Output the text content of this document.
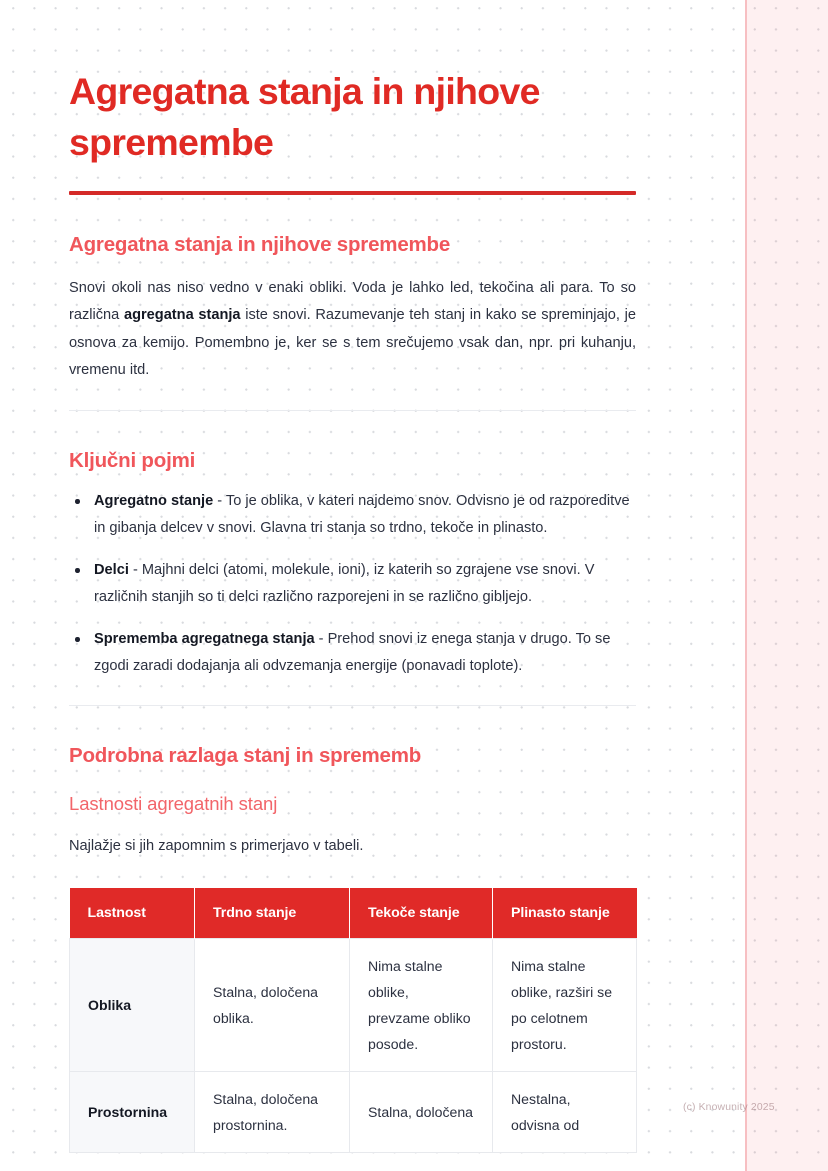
Agregatna stanja in njihove spremembe
Agregatna stanja in njihove spremembe

Snovi okoli nas niso vedno v enaki obliki. Voda je lahko led, tekočina ali para. To so različna agregatna stanja iste snovi. Razumevanje teh stanj in kako se spreminjajo, je osnova za kemijo. Pomembno je, ker se s tem srečujemo vsak dan, npr. pri kuhanju, vremenu itd.

Ključni pojmi
Agregatno stanje - To je oblika, v kateri najdemo snov. Odvisno je od razporeditve in gibanja delcev v snovi. Glavna tri stanja so trdno, tekoče in plinasto.
Delci - Majhni delci (atomi, molekule, ioni), iz katerih so zgrajene vse snovi. V različnih stanjih so ti delci različno razporejeni in se različno gibljejo.
Sprememba agregatnega stanja - Prehod snovi iz enega stanja v drugo. To se zgodi zaradi dodajanja ali odvzemanja energije (ponavadi toplote).
Podrobna razlaga stanj in sprememb
Lastnosti agregatnih stanj

Najlažje si jih zapomnim s primerjavo v tabeli.

Lastnost	Trdno stanje	Tekoče stanje	Plinasto stanje
Oblika	Stalna, določena oblika.	Nima stalne oblike, prevzame obliko posode.	Nima stalne oblike, razširi se po celotnem prostoru.
Prostornina	Stalna, določena prostornina.	Stalna, določena	Nestalna, odvisna od
(c) Knowunity 2025
